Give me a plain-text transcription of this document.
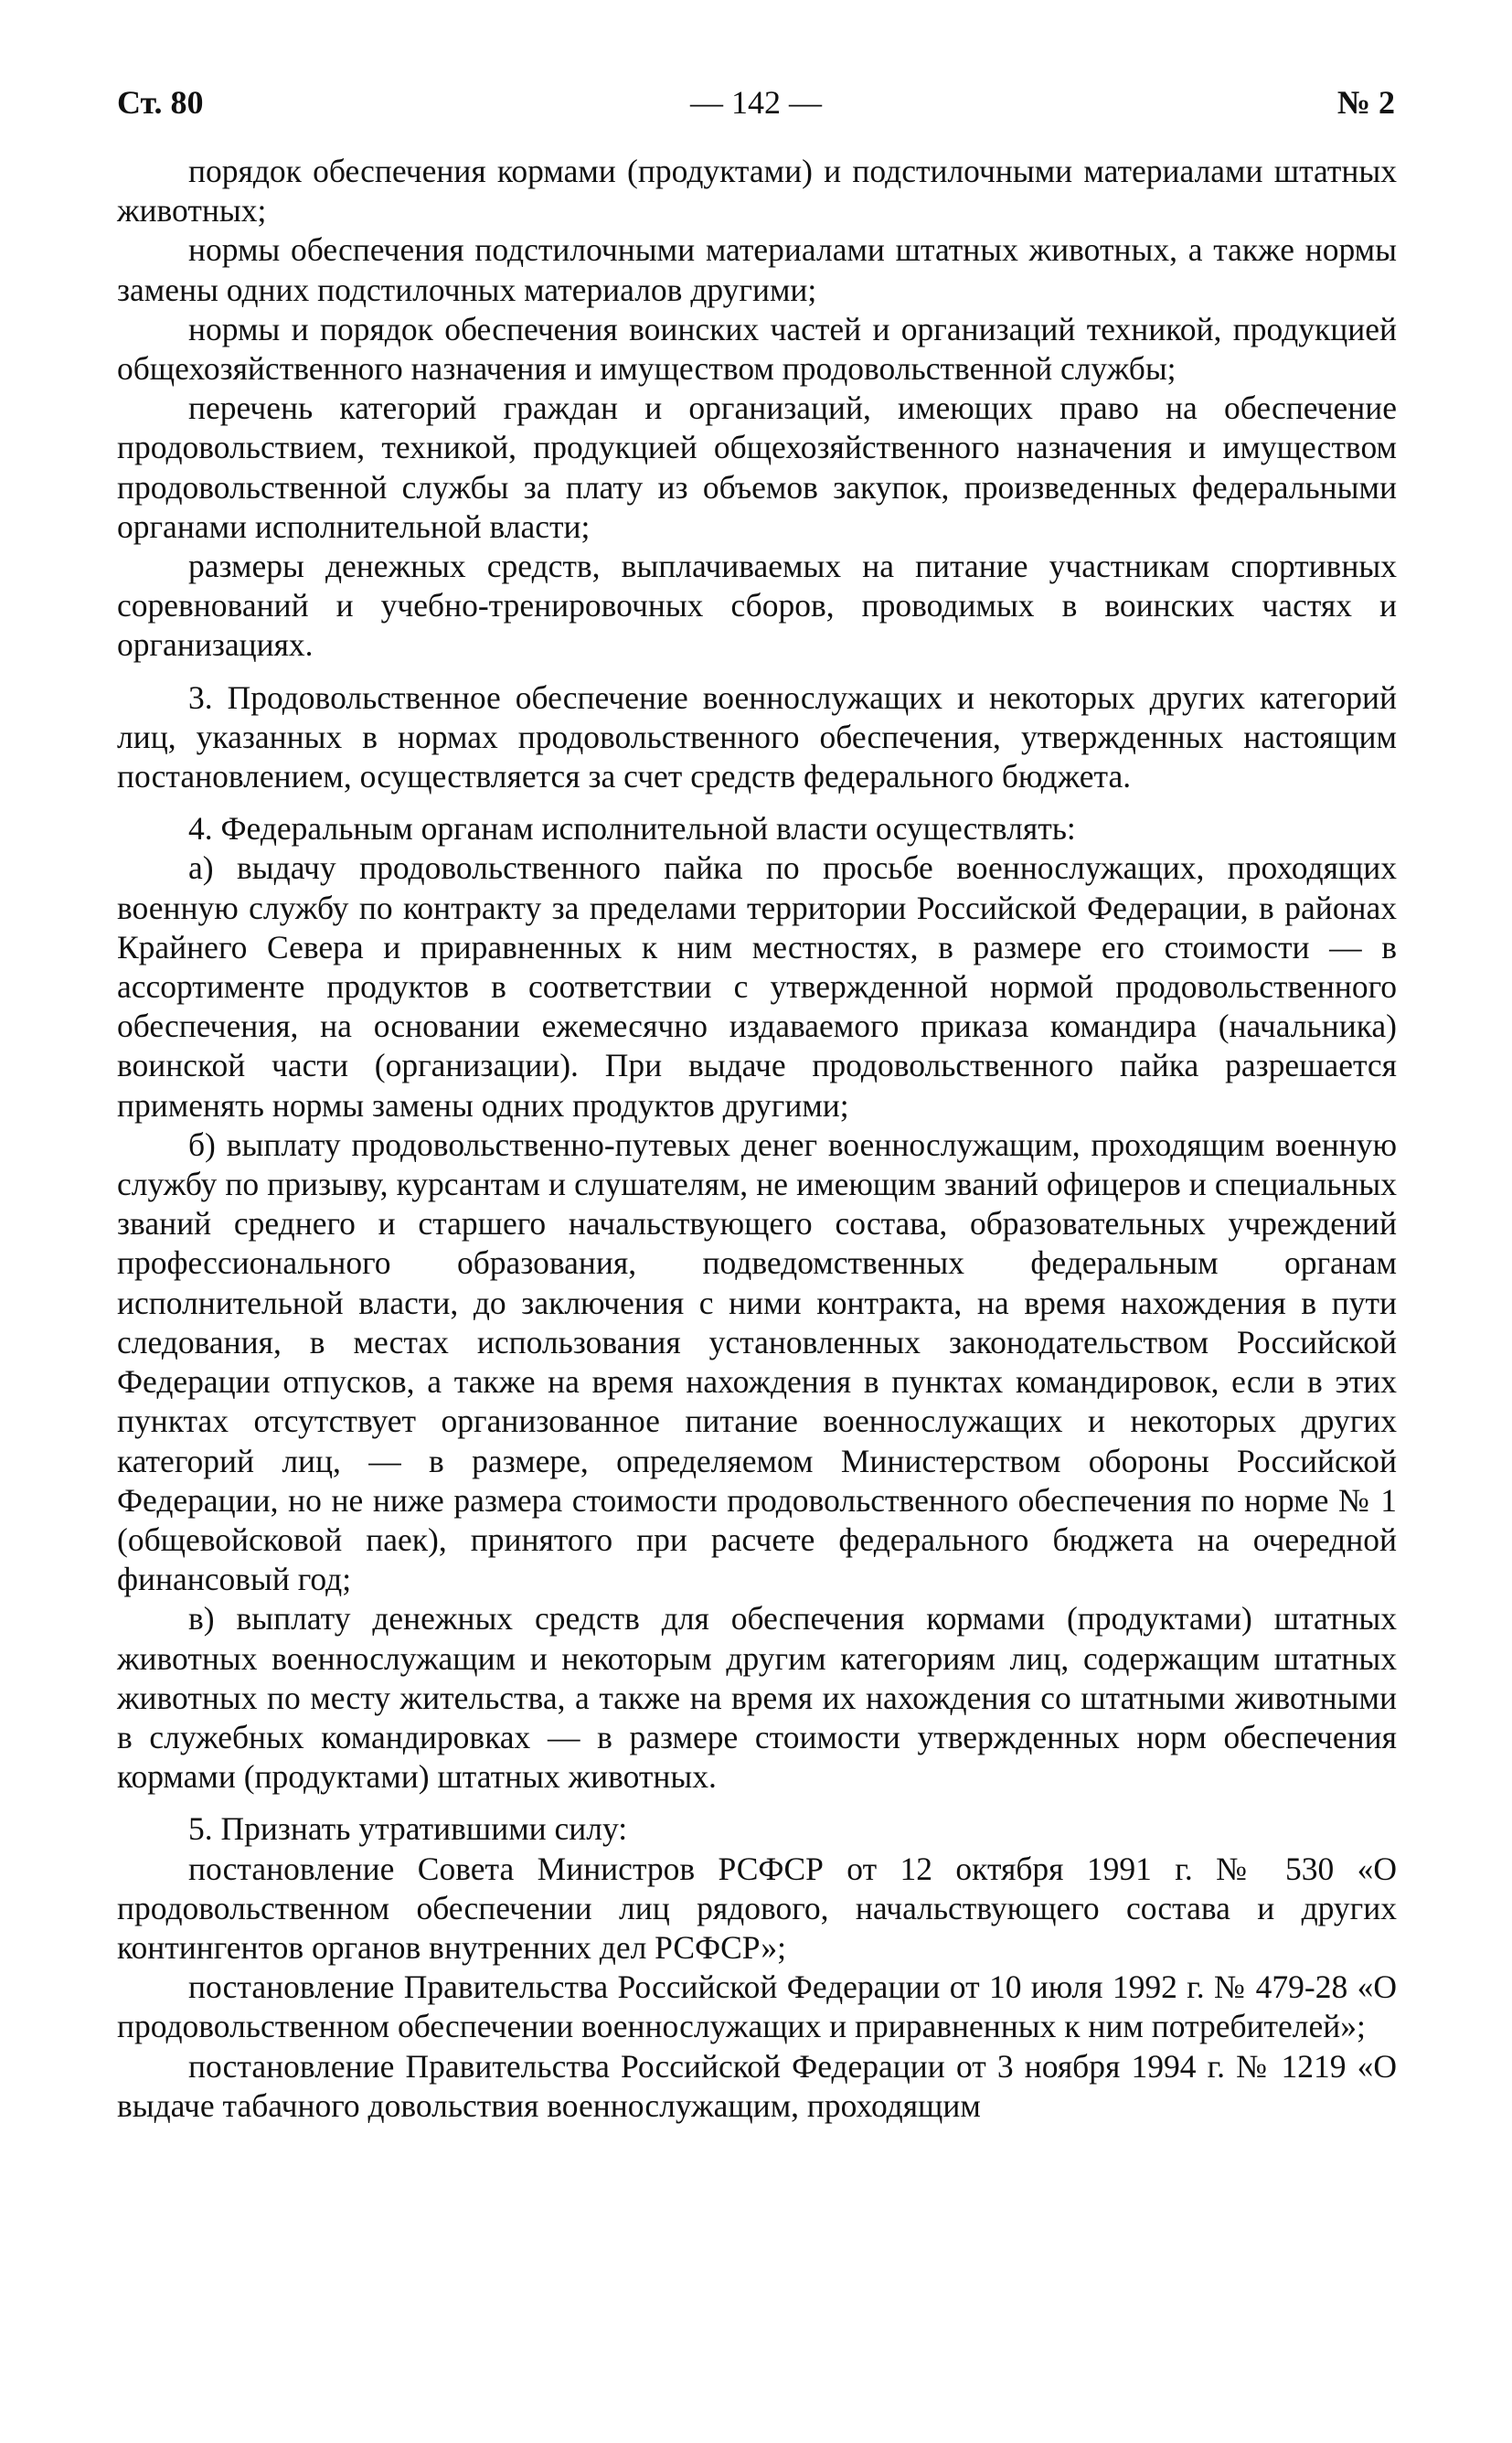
Ст. 80	— 142 —	№ 2

порядок обеспечения кормами (продуктами) и подстилочными материалами штатных животных;

нормы обеспечения подстилочными материалами штатных животных, а также нормы замены одних подстилочных материалов другими;

нормы и порядок обеспечения воинских частей и организаций техникой, продукцией общехозяйственного назначения и имуществом продовольственной службы;

перечень категорий граждан и организаций, имеющих право на обеспечение продовольствием, техникой, продукцией общехозяйственного назначения и имуществом продовольственной службы за плату из объемов закупок, произведенных федеральными органами исполнительной власти;

размеры денежных средств, выплачиваемых на питание участникам спортивных соревнований и учебно-тренировочных сборов, проводимых в воинских частях и организациях.

3. Продовольственное обеспечение военнослужащих и некоторых других категорий лиц, указанных в нормах продовольственного обеспечения, утвержденных настоящим постановлением, осуществляется за счет средств федерального бюджета.

4. Федеральным органам исполнительной власти осуществлять:

а) выдачу продовольственного пайка по просьбе военнослужащих, проходящих военную службу по контракту за пределами территории Российской Федерации, в районах Крайнего Севера и приравненных к ним местностях, в размере его стоимости — в ассортименте продуктов в соответствии с утвержденной нормой продовольственного обеспечения, на основании ежемесячно издаваемого приказа командира (начальника) воинской части (организации). При выдаче продовольственного пайка разрешается применять нормы замены одних продуктов другими;

б) выплату продовольственно-путевых денег военнослужащим, проходящим военную службу по призыву, курсантам и слушателям, не имеющим званий офицеров и специальных званий среднего и старшего начальствующего состава, образовательных учреждений профессионального образования, подведомственных федеральным органам исполнительной власти, до заключения с ними контракта, на время нахождения в пути следования, в местах использования установленных законодательством Российской Федерации отпусков, а также на время нахождения в пунктах командировок, если в этих пунктах отсутствует организованное питание военнослужащих и некоторых других категорий лиц, — в размере, определяемом Министерством обороны Российской Федерации, но не ниже размера стоимости продовольственного обеспечения по норме № 1 (общевойсковой паек), принятого при расчете федерального бюджета на очередной финансовый год;

в) выплату денежных средств для обеспечения кормами (продуктами) штатных животных военнослужащим и некоторым другим категориям лиц, содержащим штатных животных по месту жительства, а также на время их нахождения со штатными животными в служебных командировках — в размере стоимости утвержденных норм обеспечения кормами (продуктами) штатных животных.

5. Признать утратившими силу:

постановление Совета Министров РСФСР от 12 октября 1991 г. № 530 «О продовольственном обеспечении лиц рядового, начальствующего состава и других контингентов органов внутренних дел РСФСР»;

постановление Правительства Российской Федерации от 10 июля 1992 г. № 479-28 «О продовольственном обеспечении военнослужащих и приравненных к ним потребителей»;

постановление Правительства Российской Федерации от 3 ноября 1994 г. № 1219 «О выдаче табачного довольствия военнослужащим, проходящим
